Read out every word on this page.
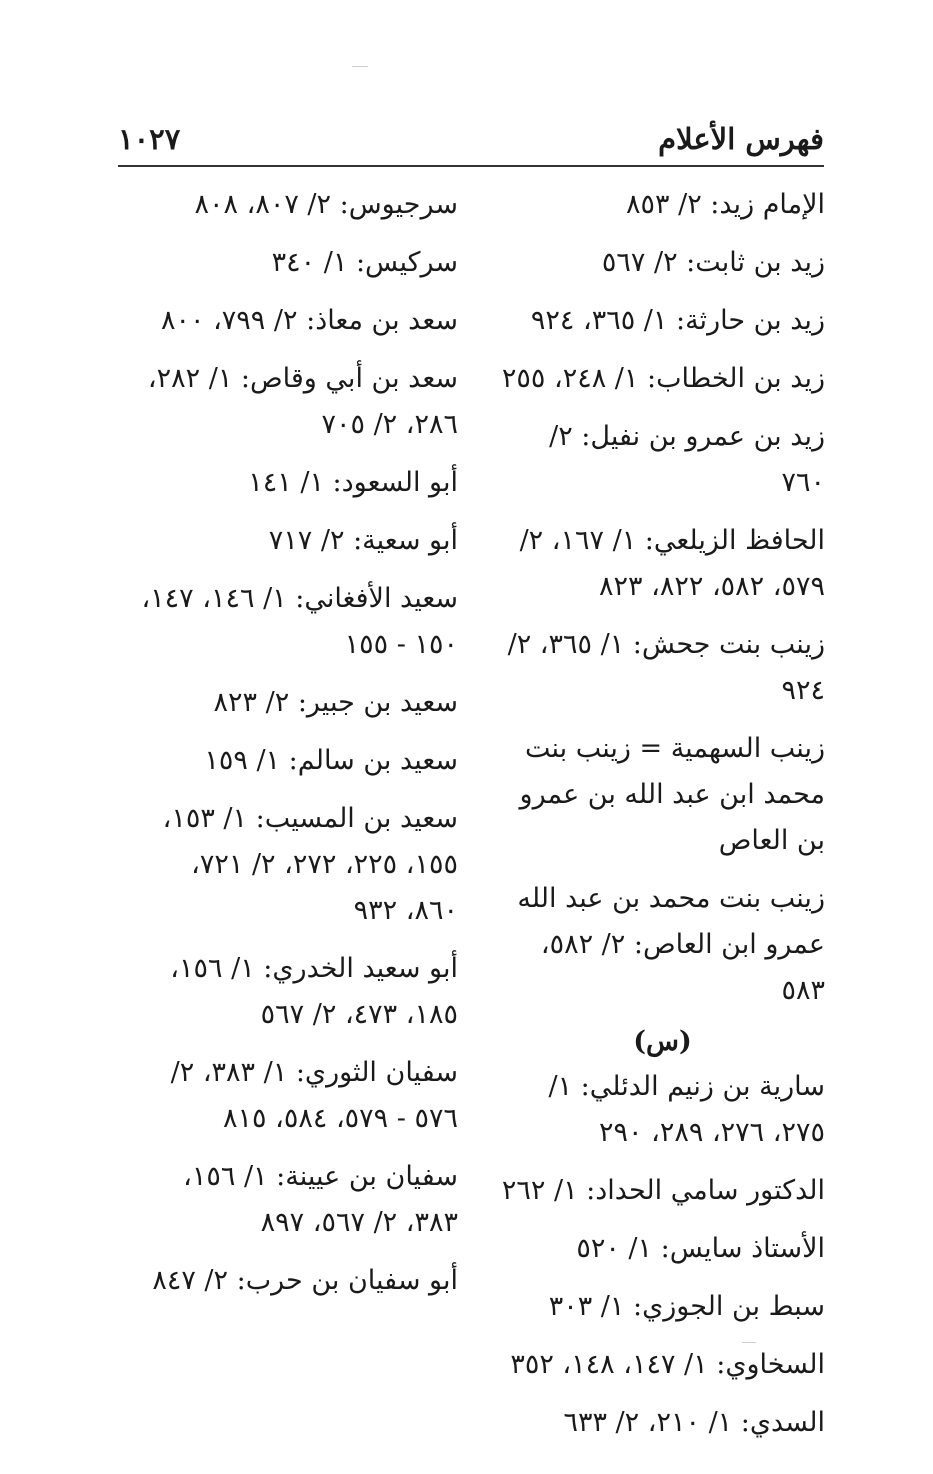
فهرس الأعلام
١٠٢٧
الإمام زيد: ٢/ ٨٥٣
زيد بن ثابت: ٢/ ٥٦٧
زيد بن حارثة: ١/ ٣٦٥، ٩٢٤
زيد بن الخطاب: ١/ ٢٤٨، ٢٥٥
زيد بن عمرو بن نفيل: ٢/ ٧٦٠
الحافظ الزيلعي: ١/ ١٦٧، ٢/ ٥٧٩، ٥٨٢، ٨٢٢، ٨٢٣
زينب بنت جحش: ١/ ٣٦٥، ٢/ ٩٢٤
زينب السهمية = زينب بنت محمد ابن عبد الله بن عمرو بن العاص
زينب بنت محمد بن عبد الله عمرو ابن العاص: ٢/ ٥٨٢، ٥٨٣
(س)
سارية بن زنيم الدئلي: ١/ ٢٧٥، ٢٧٦، ٢٨٩، ٢٩٠
الدكتور سامي الحداد: ١/ ٢٦٢
الأستاذ سايس: ١/ ٥٢٠
سبط بن الجوزي: ١/ ٣٠٣
السخاوي: ١/ ١٤٧، ١٤٨، ٣٥٢
السدي: ١/ ٢١٠، ٢/ ٦٣٣
سرجيوس: ٢/ ٨٠٧، ٨٠٨
سركيس: ١/ ٣٤٠
سعد بن معاذ: ٢/ ٧٩٩، ٨٠٠
سعد بن أبي وقاص: ١/ ٢٨٢، ٢٨٦، ٢/ ٧٠٥
أبو السعود: ١/ ١٤١
أبو سعية: ٢/ ٧١٧
سعيد الأفغاني: ١/ ١٤٦، ١٤٧، ١٥٠ - ١٥٥
سعيد بن جبير: ٢/ ٨٢٣
سعيد بن سالم: ١/ ١٥٩
سعيد بن المسيب: ١/ ١٥٣، ١٥٥، ٢٢٥، ٢٧٢، ٢/ ٧٢١، ٨٦٠، ٩٣٢
أبو سعيد الخدري: ١/ ١٥٦، ١٨٥، ٤٧٣، ٢/ ٥٦٧
سفيان الثوري: ١/ ٣٨٣، ٢/ ٥٧٦ - ٥٧٩، ٥٨٤، ٨١٥
سفيان بن عيينة: ١/ ١٥٦، ٣٨٣، ٢/ ٥٦٧، ٨٩٧
أبو سفيان بن حرب: ٢/ ٨٤٧
